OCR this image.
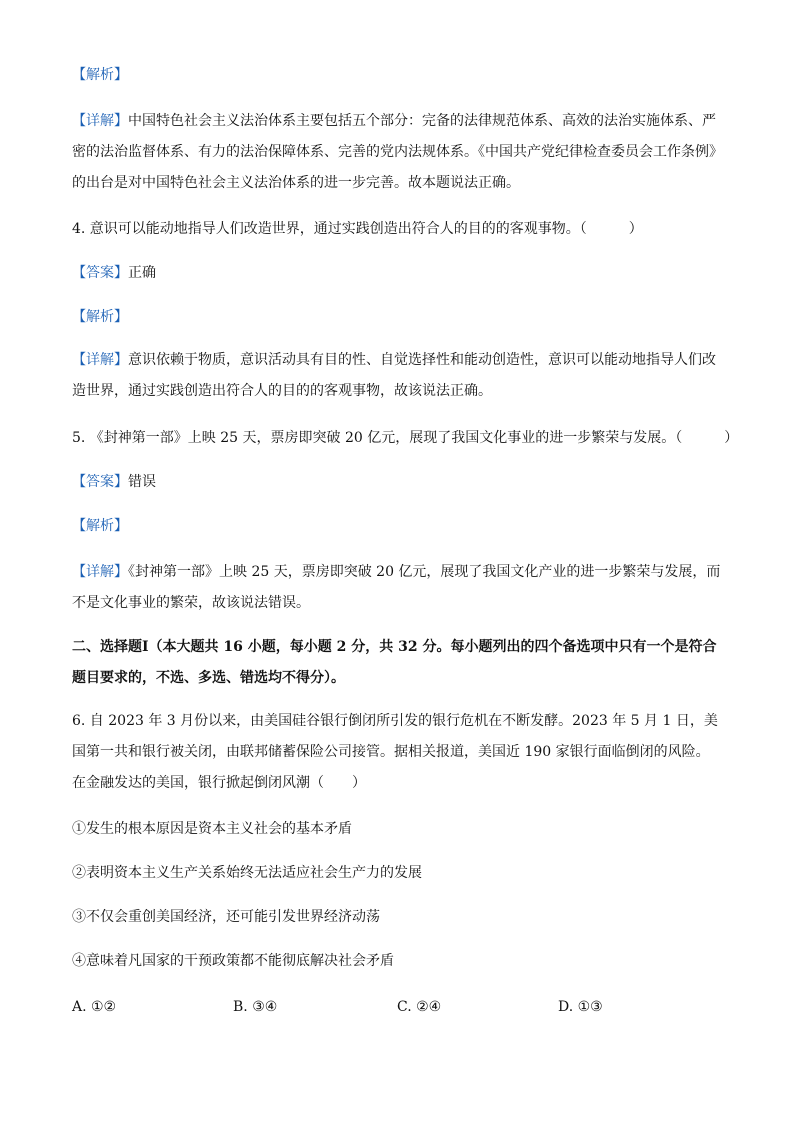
【解析】
【详解】中国特色社会主义法治体系主要包括五个部分：完备的法律规范体系、高效的法治实施体系、严密的法治监督体系、有力的法治保障体系、完善的党内法规体系。《中国共产党纪律检查委员会工作条例》的出台是对中国特色社会主义法治体系的进一步完善。故本题说法正确。
4. 意识可以能动地指导人们改造世界，通过实践创造出符合人的目的的客观事物。（　　　）
【答案】正确
【解析】
【详解】意识依赖于物质，意识活动具有目的性、自觉选择性和能动创造性，意识可以能动地指导人们改造世界，通过实践创造出符合人的目的的客观事物，故该说法正确。
5. 《封神第一部》上映 25 天，票房即突破 20 亿元，展现了我国文化事业的进一步繁荣与发展。（　　　）
【答案】错误
【解析】
【详解】《封神第一部》上映 25 天，票房即突破 20 亿元，展现了我国文化产业的进一步繁荣与发展，而不是文化事业的繁荣，故该说法错误。
二、选择题Ⅰ（本大题共 16 小题，每小题 2 分，共 32 分。每小题列出的四个备选项中只有一个是符合题目要求的，不选、多选、错选均不得分）。
6. 自 2023 年 3 月份以来，由美国硅谷银行倒闭所引发的银行危机在不断发酵。2023 年 5 月 1 日，美国第一共和银行被关闭，由联邦储蓄保险公司接管。据相关报道，美国近 190 家银行面临倒闭的风险。在金融发达的美国，银行掀起倒闭风潮（　　）
①发生的根本原因是资本主义社会的基本矛盾
②表明资本主义生产关系始终无法适应社会生产力的发展
③不仅会重创美国经济，还可能引发世界经济动荡
④意味着凡国家的干预政策都不能彻底解决社会矛盾
A. ①②	B. ③④	C. ②④	D. ①③
